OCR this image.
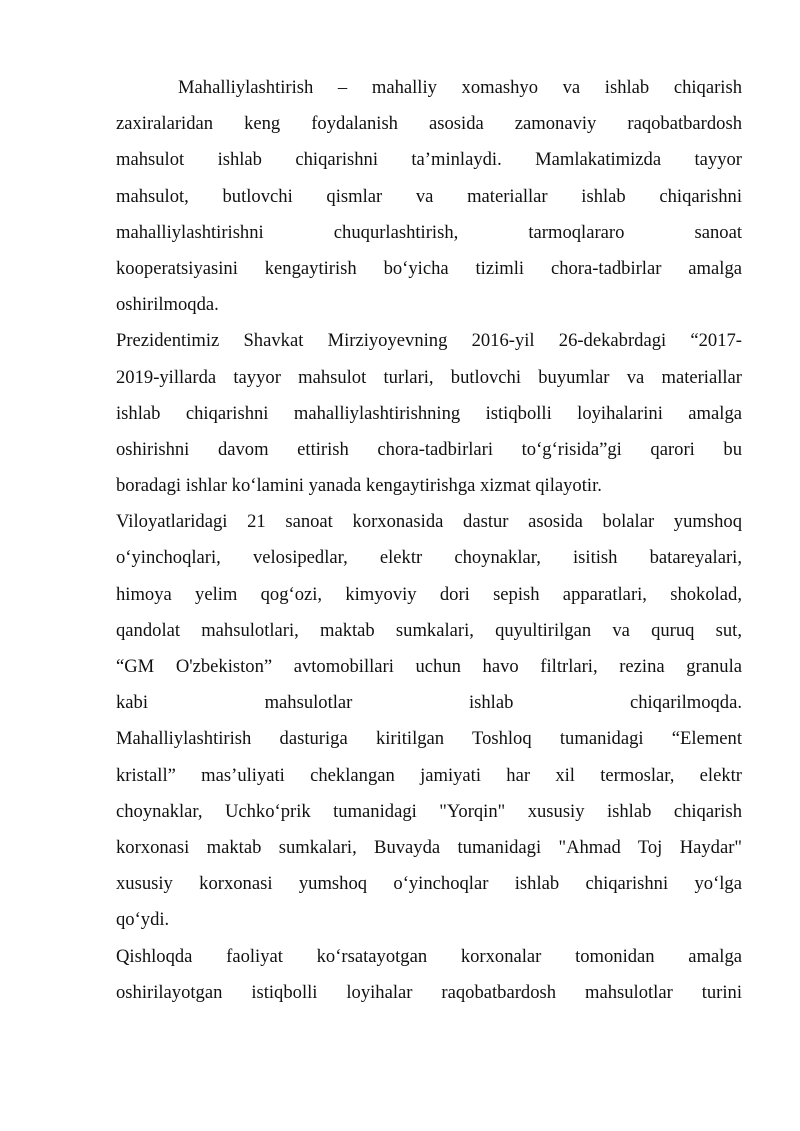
Mahalliylashtirish – mahalliy xomashyo va ishlab chiqarish
zaxiralaridan keng foydalanish asosida zamonaviy raqobatbardosh
mahsulot ishlab chiqarishni ta’minlaydi. Mamlakatimizda tayyor
mahsulot, butlovchi qismlar va materiallar ishlab chiqarishni
mahalliylashtirishni chuqurlashtirish, tarmoqlararo sanoat
kooperatsiyasini kengaytirish bo‘yicha tizimli chora-tadbirlar amalga
oshirilmoqda.
Prezidentimiz Shavkat Mirziyoyevning 2016-yil 26-dekabrdagi “2017-
2019-yillarda tayyor mahsulot turlari, butlovchi buyumlar va materiallar
ishlab chiqarishni mahalliylashtirishning istiqbolli loyihalarini amalga
oshirishni davom ettirish chora-tadbirlari to‘g‘risida”gi qarori bu
boradagi ishlar ko‘lamini yanada kengaytirishga xizmat qilayotir.
Viloyatlaridagi 21 sanoat korxonasida dastur asosida bolalar yumshoq
o‘yinchoqlari, velosipedlar, elektr choynaklar, isitish batareyalari,
himoya yelim qog‘ozi, kimyoviy dori sepish apparatlari, shokolad,
qandolat mahsulotlari, maktab sumkalari, quyultirilgan va quruq sut,
“GM O'zbekiston” avtomobillari uchun havo filtrlari, rezina granula
kabi mahsulotlar ishlab chiqarilmoqda.
Mahalliylashtirish dasturiga kiritilgan Toshloq tumanidagi “Element
kristall” mas’uliyati cheklangan jamiyati har xil termoslar, elektr
choynaklar, Uchko‘prik tumanidagi "Yorqin" xususiy ishlab chiqarish
korxonasi maktab sumkalari, Buvayda tumanidagi "Ahmad Toj Haydar"
xususiy korxonasi yumshoq o‘yinchoqlar ishlab chiqarishni yo‘lga
qo‘ydi.
Qishloqda faoliyat ko‘rsatayotgan korxonalar tomonidan amalga
oshirilayotgan istiqbolli loyihalar raqobatbardosh mahsulotlar turini
